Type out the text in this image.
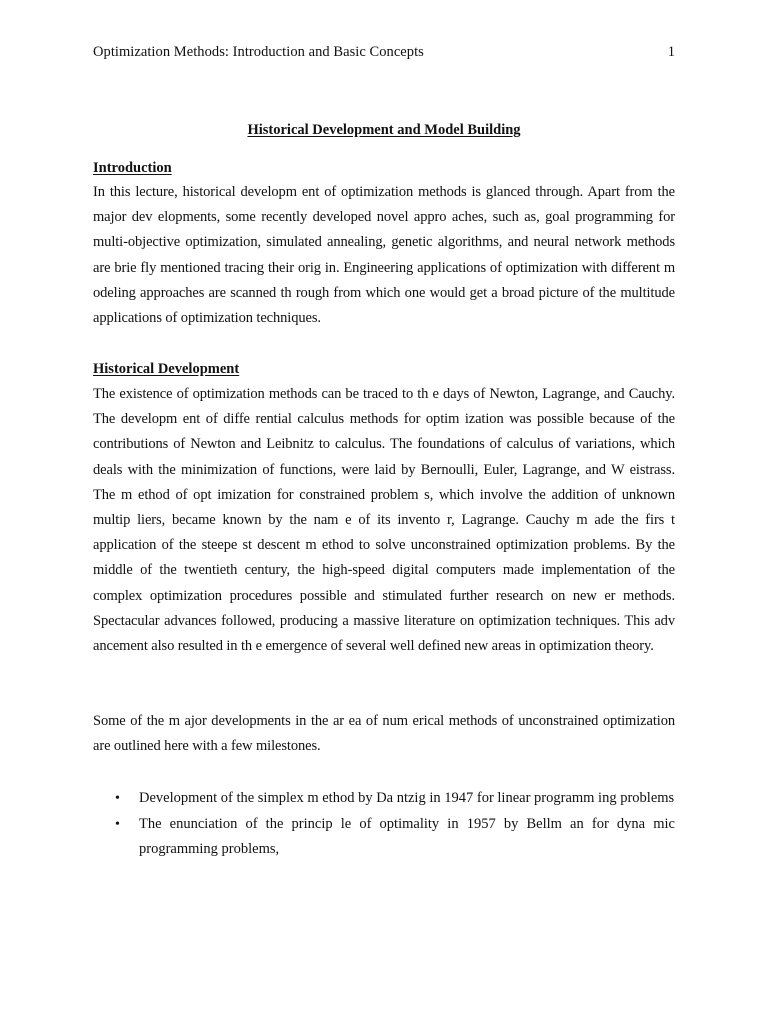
Optimization Methods: Introduction and Basic Concepts	1
Historical Development and Model Building
Introduction

In this lecture, historical developm ent of optimization methods is glanced through. Apart from the major dev elopments, some recently developed novel appro aches, such as, goal programming for multi-objective optimization, simulated annealing, genetic algorithms, and neural network methods are brie fly mentioned tracing their orig in. Engineering applications of optimization with different m odeling approaches are scanned th rough from which one would get a broad picture of the multitude applications of optimization techniques.

Historical Development

The existence of optimization methods can be traced to th e days of Newton, Lagrange, and Cauchy. The developm ent of diffe rential calculus methods for optim ization was possible because of the contributions of Newton and Leibnitz to calculus. The foundations of calculus of variations, which deals with the minimization of functions, were laid by Bernoulli, Euler, Lagrange, and W eistrass. The m ethod of opt imization for constrained problem s, which involve the addition of unknown multip liers, became known by the nam e of its invento r, Lagrange. Cauchy m ade the firs t application of the steepe st descent m ethod to solve unconstrained optimization problems. By the middle of the twentieth century, the high-speed digital computers made implementation of the complex optimization procedures possible and stimulated further research on new er methods. Spectacular advances followed, producing a massive literature on optimization techniques. This adv ancement also resulted in th e emergence of several well defined new areas in optimization theory.

Some of the m ajor developments in the ar ea of num erical methods of unconstrained optimization are outlined here with a few milestones.

• Development of the simplex m ethod by Da ntzig in 1947 for linear programm ing problems
• The enunciation of the princip le of optimality in 1957 by Bellm an for dyna mic programming problems,
